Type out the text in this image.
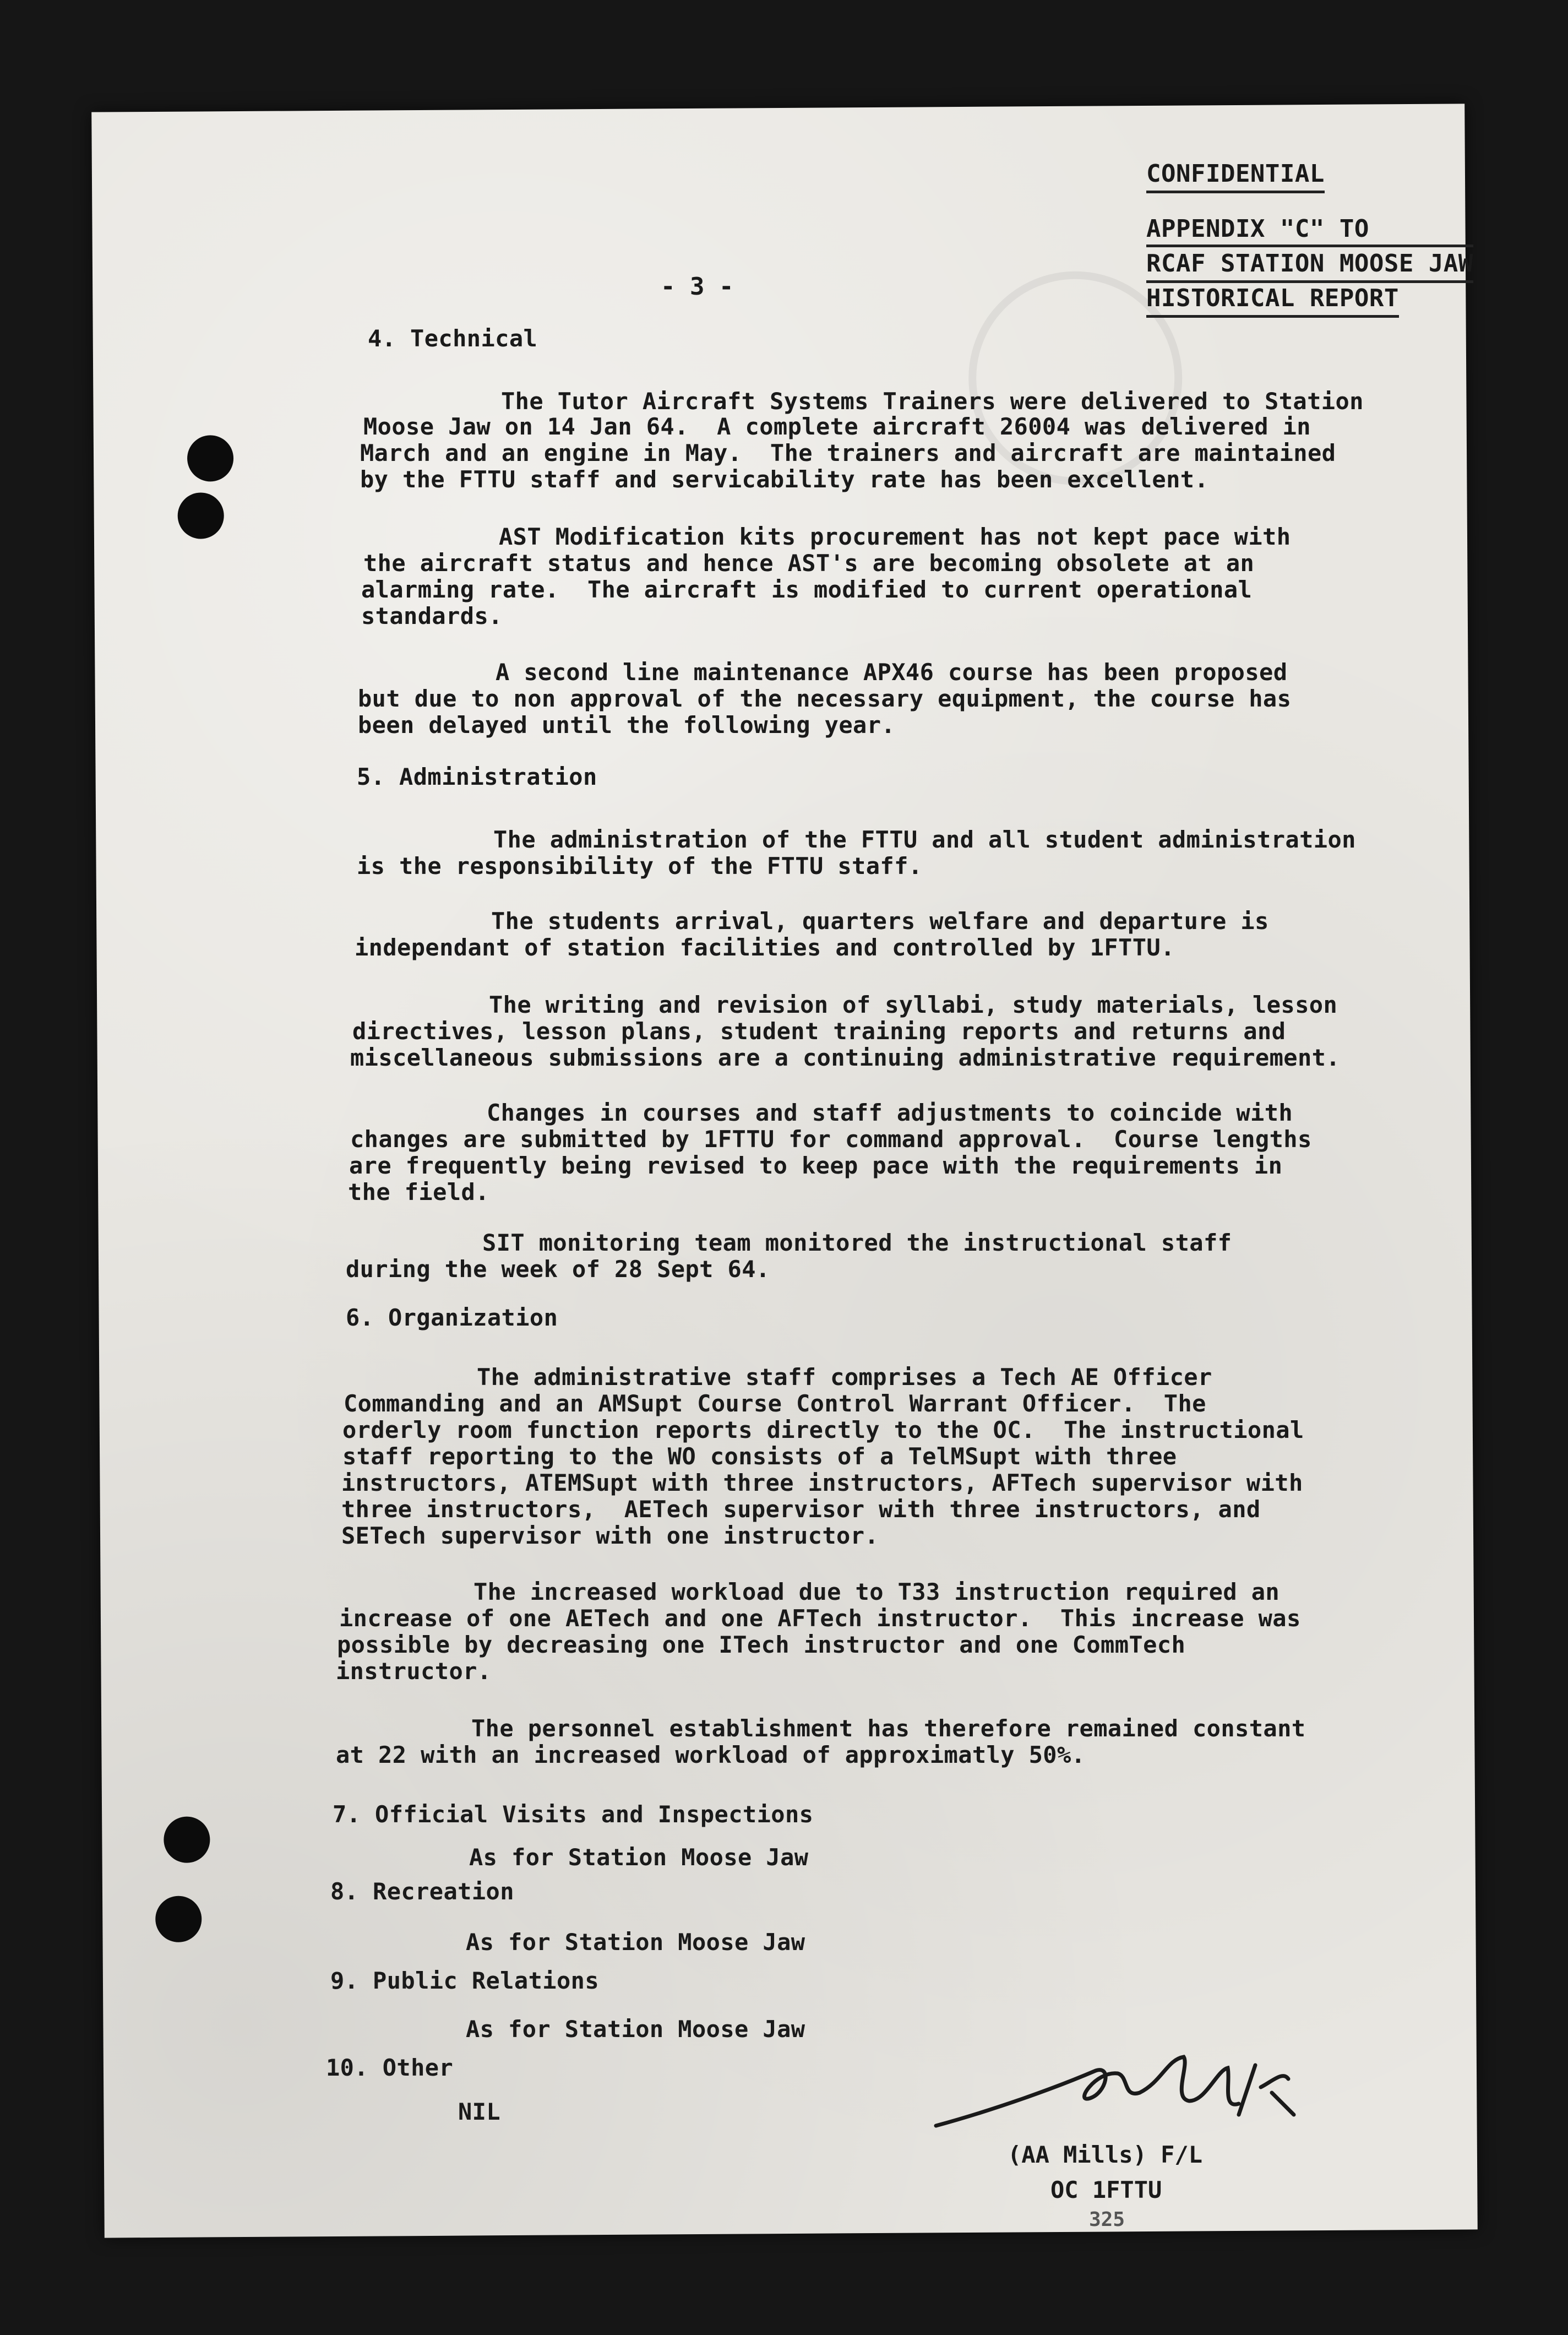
CONFIDENTIAL
APPENDIX "C" TO
RCAF STATION MOOSE JAW
HISTORICAL REPORT
- 3 -
4. Technical
The Tutor Aircraft Systems Trainers were delivered to Station
Moose Jaw on 14 Jan 64.  A complete aircraft 26004 was delivered in
March and an engine in May.  The trainers and aircraft are maintained
by the FTTU staff and servicability rate has been excellent.
AST Modification kits procurement has not kept pace with
the aircraft status and hence AST's are becoming obsolete at an
alarming rate.  The aircraft is modified to current operational
standards.
A second line maintenance APX46 course has been proposed
but due to non approval of the necessary equipment, the course has
been delayed until the following year.
5. Administration
The administration of the FTTU and all student administration
is the responsibility of the FTTU staff.
The students arrival, quarters welfare and departure is
independant of station facilities and controlled by 1FTTU.
The writing and revision of syllabi, study materials, lesson
directives, lesson plans, student training reports and returns and
miscellaneous submissions are a continuing administrative requirement.
Changes in courses and staff adjustments to coincide with
changes are submitted by 1FTTU for command approval.  Course lengths
are frequently being revised to keep pace with the requirements in
the field.
SIT monitoring team monitored the instructional staff
during the week of 28 Sept 64.
6. Organization
The administrative staff comprises a Tech AE Officer
Commanding and an AMSupt Course Control Warrant Officer.  The
orderly room function reports directly to the OC.  The instructional
staff reporting to the WO consists of a TelMSupt with three
instructors, ATEMSupt with three instructors, AFTech supervisor with
three instructors,  AETech supervisor with three instructors, and
SETech supervisor with one instructor.
The increased workload due to T33 instruction required an
increase of one AETech and one AFTech instructor.  This increase was
possible by decreasing one ITech instructor and one CommTech
instructor.
The personnel establishment has therefore remained constant
at 22 with an increased workload of approximatly 50%.
7. Official Visits and Inspections
As for Station Moose Jaw
8. Recreation
As for Station Moose Jaw
9. Public Relations
As for Station Moose Jaw
10. Other
NIL
(AA Mills) F/L
OC 1FTTU
325
